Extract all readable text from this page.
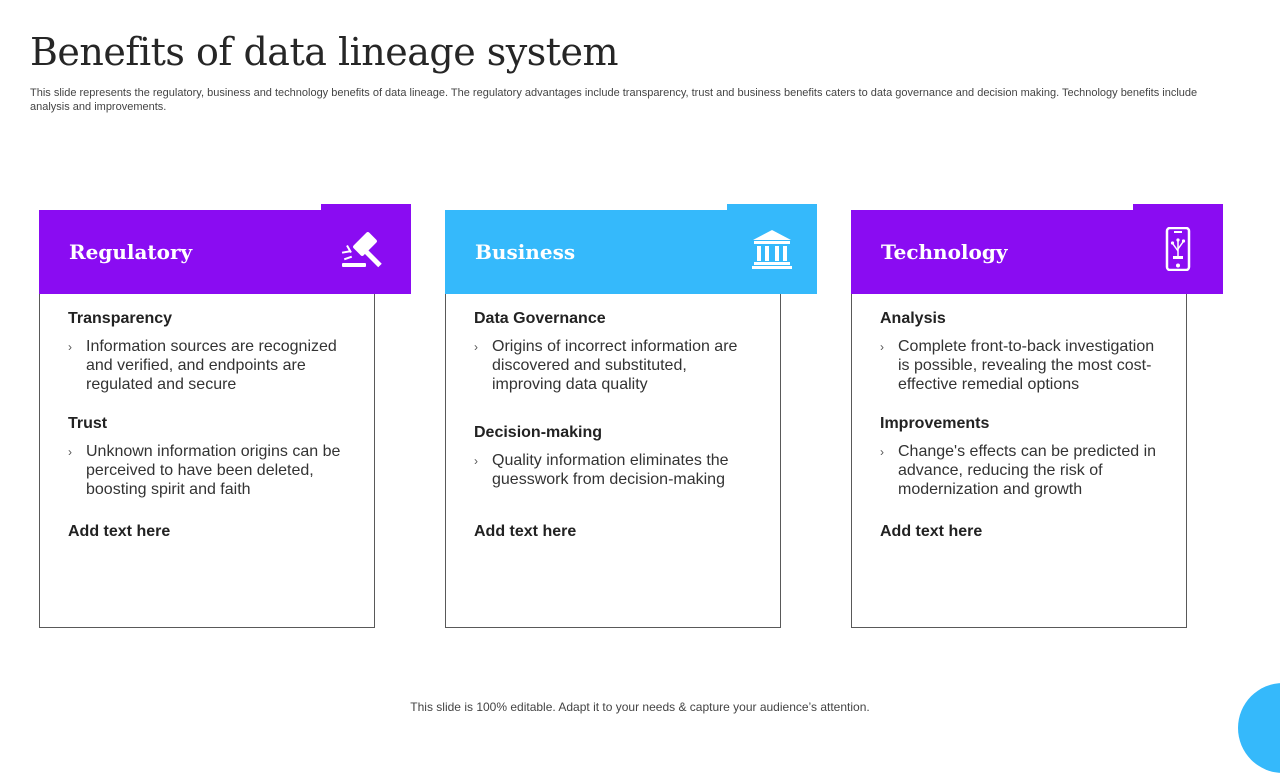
Benefits of data lineage system
This slide represents the regulatory, business and technology benefits of data lineage. The regulatory advantages include transparency, trust and business benefits caters to data governance and decision making. Technology benefits include analysis and improvements.
Regulatory
Transparency
› Information sources are recognized and verified, and endpoints are regulated and secure
Trust
› Unknown information origins can be perceived to have been deleted, boosting spirit and faith
Add text here
Business
Data Governance
› Origins of incorrect information are discovered and substituted, improving data quality
Decision-making
› Quality information eliminates the guesswork from decision-making
Add text here
Technology
Analysis
› Complete front-to-back investigation is possible, revealing the most cost-effective remedial options
Improvements
› Change's effects can be predicted in advance, reducing the risk of modernization and growth
Add text here
This slide is 100% editable. Adapt it to your needs & capture your audience’s attention.
